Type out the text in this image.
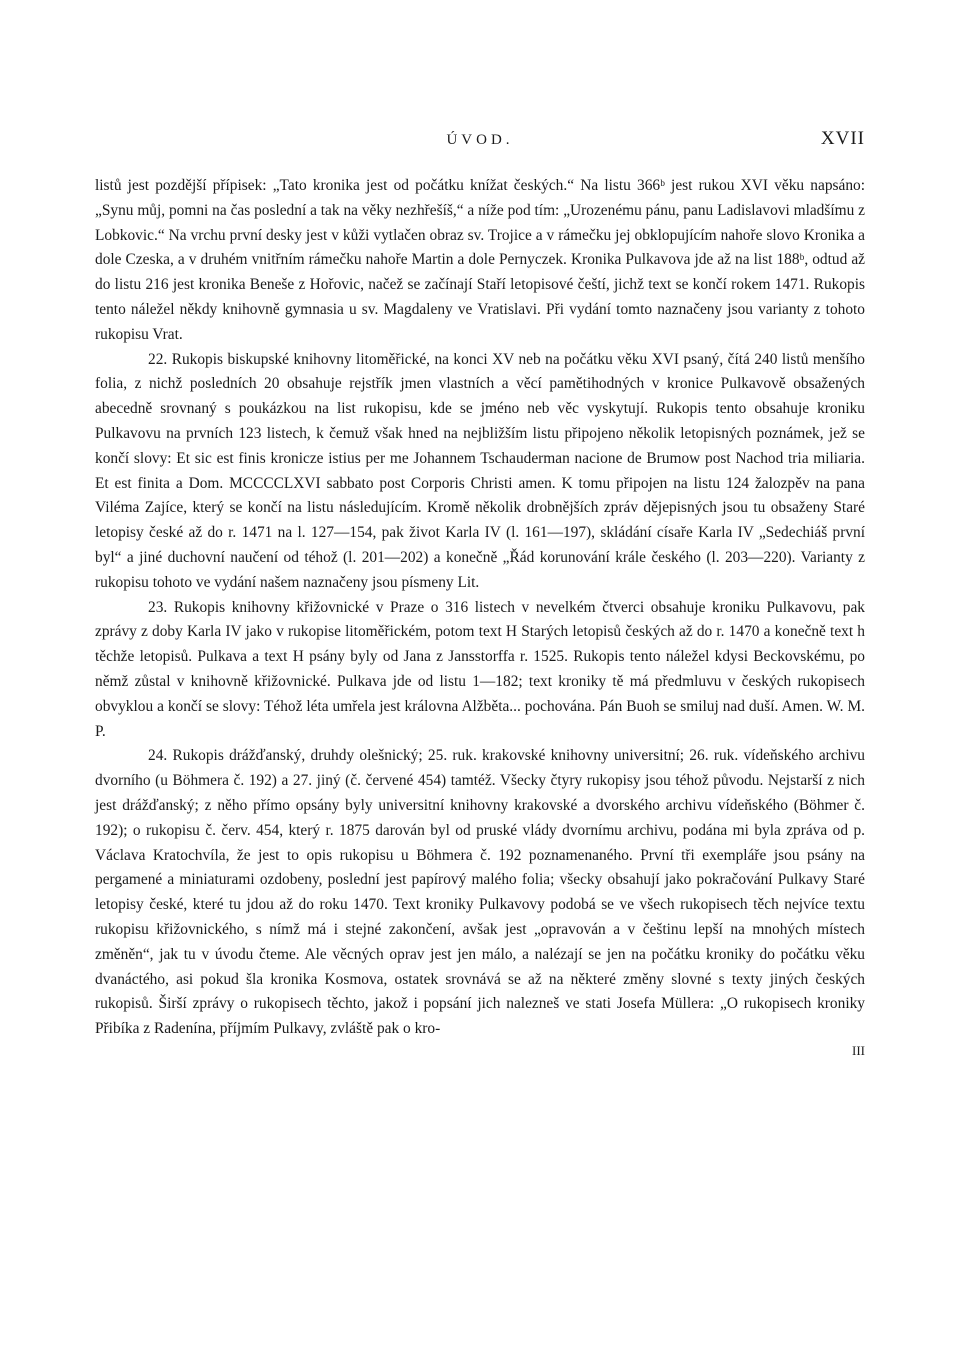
ÚVOD.	XVII

listů jest pozdější přípisek: „Tato kronika jest od počátku knížat českých.“ Na listu 366ᵇ jest rukou XVI věku napsáno: „Synu můj, pomni na čas poslední a tak na věky nezhřešíš,“ a níže pod tím: „Urozenému pánu, panu Ladislavovi mladšímu z Lobkovic.“ Na vrchu první desky jest v kůži vytlačen obraz sv. Trojice a v rámečku jej obklopujícím nahoře slovo Kronika a dole Czeska, a v druhém vnitřním rámečku nahoře Martin a dole Pernyczek. Kronika Pulkavova jde až na list 188ᵇ, odtud až do listu 216 jest kronika Beneše z Hořovic, načež se začínají Staří letopisové čeští, jichž text se končí rokem 1471. Rukopis tento náležel někdy knihovně gymnasia u sv. Magdaleny ve Vratislavi. Při vydání tomto naznačeny jsou varianty z tohoto rukopisu Vrat.

22. Rukopis biskupské knihovny litoměřické, na konci XV neb na počátku věku XVI psaný, čítá 240 listů menšího folia, z nichž posledních 20 obsahuje rejstřík jmen vlastních a věcí pamětihodných v kronice Pulkavově obsažených abecedně srovnaný s poukázkou na list rukopisu, kde se jméno neb věc vyskytují. Rukopis tento obsahuje kroniku Pulkavovu na prvních 123 listech, k čemuž však hned na nejbližším listu připojeno několik letopisných poznámek, jež se končí slovy: Et sic est finis kronicze istius per me Johannem Tschauderman nacione de Brumow post Nachod tria miliaria. Et est finita a Dom. MCCCCLXVI sabbato post Corporis Christi amen. K tomu připojen na listu 124 žalozpěv na pana Viléma Zajíce, který se končí na listu následujícím. Kromě několik drobnějších zpráv dějepisných jsou tu obsaženy Staré letopisy české až do r. 1471 na l. 127—154, pak život Karla IV (l. 161—197), skládání císaře Karla IV „Sedechiáš první byl“ a jiné duchovní naučení od téhož (l. 201—202) a konečně „Řád korunování krále českého (l. 203—220). Varianty z rukopisu tohoto ve vydání našem naznačeny jsou písmeny Lit.

23. Rukopis knihovny křižovnické v Praze o 316 listech v nevelkém čtverci obsahuje kroniku Pulkavovu, pak zprávy z doby Karla IV jako v rukopise litoměřickém, potom text H Starých letopisů českých až do r. 1470 a konečně text h těchže letopisů. Pulkava a text H psány byly od Jana z Jansstorffa r. 1525. Rukopis tento náležel kdysi Beckovskému, po němž zůstal v knihovně křižovnické. Pulkava jde od listu 1—182; text kroniky tě má předmluvu v českých rukopisech obvyklou a končí se slovy: Téhož léta umřela jest královna Alžběta... pochována. Pán Buoh se smiluj nad duší. Amen. W. M. P.

24. Rukopis drážďanský, druhdy olešnický; 25. ruk. krakovské knihovny universitní; 26. ruk. vídeňského archivu dvorního (u Böhmera č. 192) a 27. jiný (č. červené 454) tamtéž. Všecky čtyry rukopisy jsou téhož původu. Nejstarší z nich jest drážďanský; z něho přímo opsány byly universitní knihovny krakovské a dvorského archivu vídeňského (Böhmer č. 192); o rukopisu č. červ. 454, který r. 1875 darován byl od pruské vlády dvornímu archivu, podána mi byla zpráva od p. Václava Kratochvíla, že jest to opis rukopisu u Böhmera č. 192 poznamenaného. První tři exempláře jsou psány na pergamené a miniaturami ozdobeny, poslední jest papírový malého folia; všecky obsahují jako pokračování Pulkavy Staré letopisy české, které tu jdou až do roku 1470. Text kroniky Pulkavovy podobá se ve všech rukopisech těch nejvíce textu rukopisu křižovnického, s nímž má i stejné zakončení, avšak jest „opravován a v češtinu lepší na mnohých místech změněn“, jak tu v úvodu čteme. Ale věcných oprav jest jen málo, a nalézají se jen na počátku kroniky do počátku věku dvanáctého, asi pokud šla kronika Kosmova, ostatek srovnává se až na některé změny slovné s texty jiných českých rukopisů. Širší zprávy o rukopisech těchto, jakož i popsání jich nalezneš ve stati Josefa Müllera: „O rukopisech kroniky Přibíka z Radenína, příjmím Pulkavy, zvláště pak o kro-

III
